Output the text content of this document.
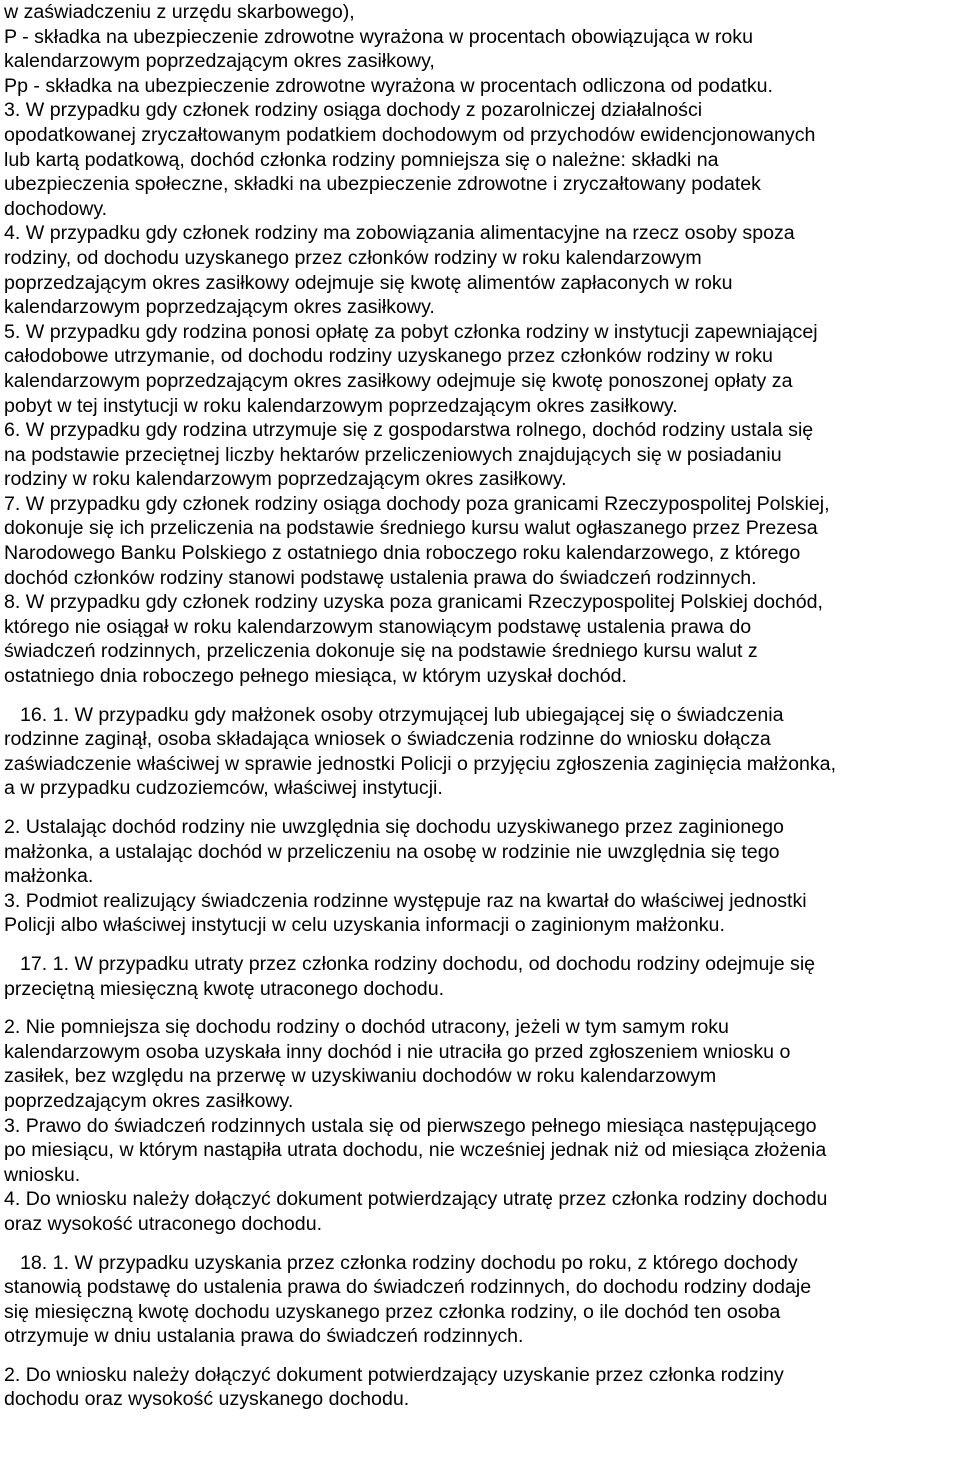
w zaświadczeniu z urzędu skarbowego),
P - składka na ubezpieczenie zdrowotne wyrażona w procentach obowiązująca w roku
kalendarzowym poprzedzającym okres zasiłkowy,
Pp - składka na ubezpieczenie zdrowotne wyrażona w procentach odliczona od podatku.
3. W przypadku gdy członek rodziny osiąga dochody z pozarolniczej działalności
opodatkowanej zryczałtowanym podatkiem dochodowym od przychodów ewidencjonowanych
lub kartą podatkową, dochód członka rodziny pomniejsza się o należne: składki na
ubezpieczenia społeczne, składki na ubezpieczenie zdrowotne i zryczałtowany podatek
dochodowy.
4. W przypadku gdy członek rodziny ma zobowiązania alimentacyjne na rzecz osoby spoza
rodziny, od dochodu uzyskanego przez członków rodziny w roku kalendarzowym
poprzedzającym okres zasiłkowy odejmuje się kwotę alimentów zapłaconych w roku
kalendarzowym poprzedzającym okres zasiłkowy.
5. W przypadku gdy rodzina ponosi opłatę za pobyt członka rodziny w instytucji zapewniającej
całodobowe utrzymanie, od dochodu rodziny uzyskanego przez członków rodziny w roku
kalendarzowym poprzedzającym okres zasiłkowy odejmuje się kwotę ponoszonej opłaty za
pobyt w tej instytucji w roku kalendarzowym poprzedzającym okres zasiłkowy.
6. W przypadku gdy rodzina utrzymuje się z gospodarstwa rolnego, dochód rodziny ustala się
na podstawie przeciętnej liczby hektarów przeliczeniowych znajdujących się w posiadaniu
rodziny w roku kalendarzowym poprzedzającym okres zasiłkowy.
7. W przypadku gdy członek rodziny osiąga dochody poza granicami Rzeczypospolitej Polskiej,
dokonuje się ich przeliczenia na podstawie średniego kursu walut ogłaszanego przez Prezesa
Narodowego Banku Polskiego z ostatniego dnia roboczego roku kalendarzowego, z którego
dochód członków rodziny stanowi podstawę ustalenia prawa do świadczeń rodzinnych.
8. W przypadku gdy członek rodziny uzyska poza granicami Rzeczypospolitej Polskiej dochód,
którego nie osiągał w roku kalendarzowym stanowiącym podstawę ustalenia prawa do
świadczeń rodzinnych, przeliczenia dokonuje się na podstawie średniego kursu walut z
ostatniego dnia roboczego pełnego miesiąca, w którym uzyskał dochód.
16. 1. W przypadku gdy małżonek osoby otrzymującej lub ubiegającej się o świadczenia
rodzinne zaginął, osoba składająca wniosek o świadczenia rodzinne do wniosku dołącza
zaświadczenie właściwej w sprawie jednostki Policji o przyjęciu zgłoszenia zaginięcia małżonka,
a w przypadku cudzoziemców, właściwej instytucji.
2. Ustalając dochód rodziny nie uwzględnia się dochodu uzyskiwanego przez zaginionego
małżonka, a ustalając dochód w przeliczeniu na osobę w rodzinie nie uwzględnia się tego
małżonka.
3. Podmiot realizujący świadczenia rodzinne występuje raz na kwartał do właściwej jednostki
Policji albo właściwej instytucji w celu uzyskania informacji o zaginionym małżonku.
17. 1. W przypadku utraty przez członka rodziny dochodu, od dochodu rodziny odejmuje się
przeciętną miesięczną kwotę utraconego dochodu.
2. Nie pomniejsza się dochodu rodziny o dochód utracony, jeżeli w tym samym roku
kalendarzowym osoba uzyskała inny dochód i nie utraciła go przed zgłoszeniem wniosku o
zasiłek, bez względu na przerwę w uzyskiwaniu dochodów w roku kalendarzowym
poprzedzającym okres zasiłkowy.
3. Prawo do świadczeń rodzinnych ustala się od pierwszego pełnego miesiąca następującego
po miesiącu, w którym nastąpiła utrata dochodu, nie wcześniej jednak niż od miesiąca złożenia
wniosku.
4. Do wniosku należy dołączyć dokument potwierdzający utratę przez członka rodziny dochodu
oraz wysokość utraconego dochodu.
18. 1. W przypadku uzyskania przez członka rodziny dochodu po roku, z którego dochody
stanowią podstawę do ustalenia prawa do świadczeń rodzinnych, do dochodu rodziny dodaje
się miesięczną kwotę dochodu uzyskanego przez członka rodziny, o ile dochód ten osoba
otrzymuje w dniu ustalania prawa do świadczeń rodzinnych.
2. Do wniosku należy dołączyć dokument potwierdzający uzyskanie przez członka rodziny
dochodu oraz wysokość uzyskanego dochodu.
